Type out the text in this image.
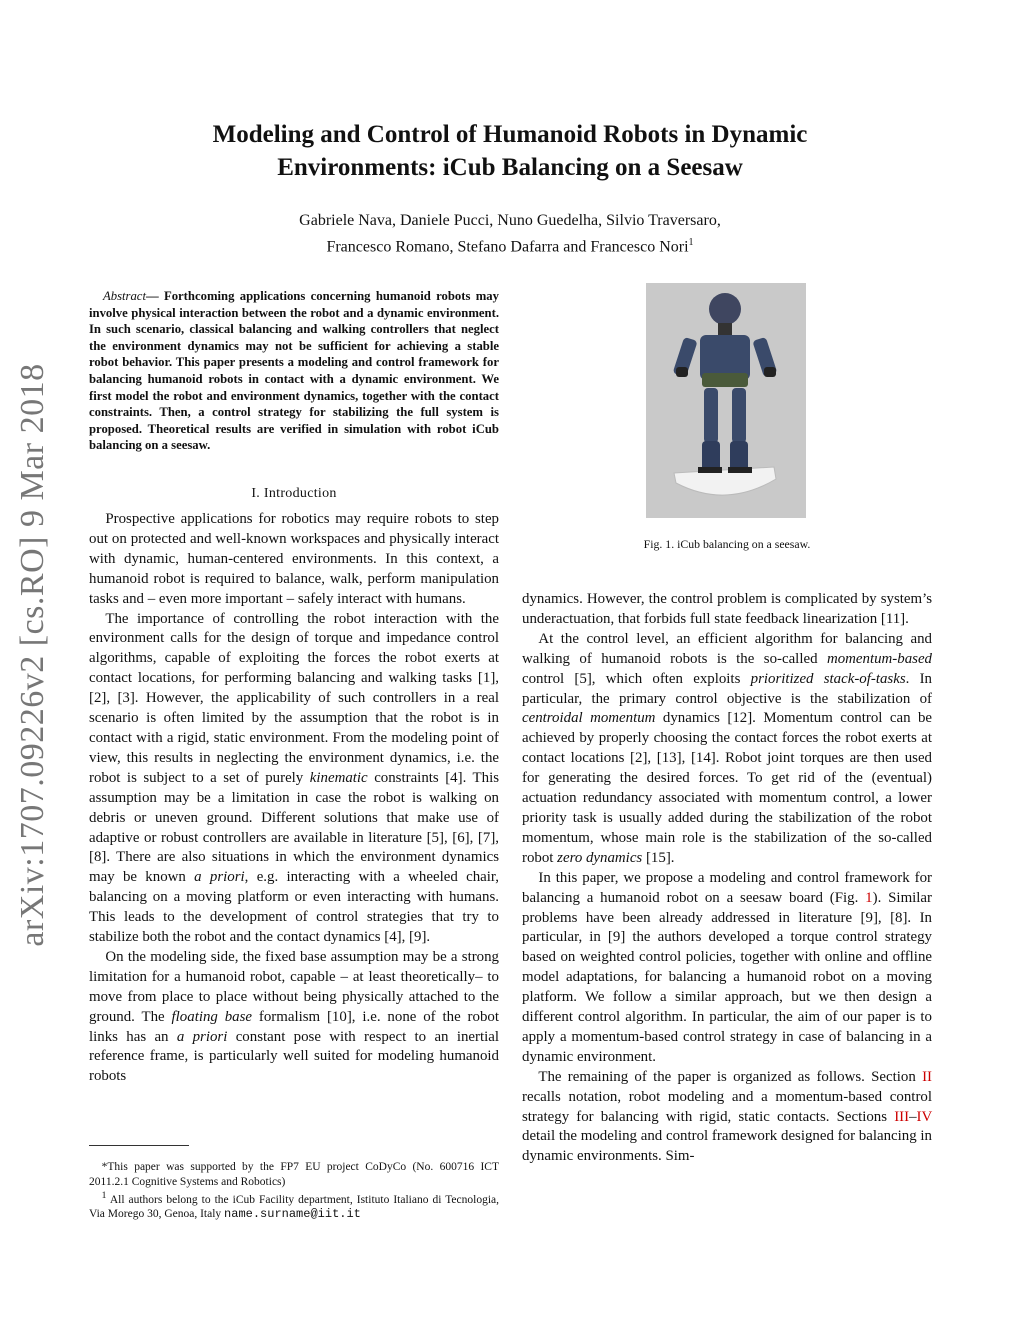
arXiv:1707.09226v2 [cs.RO] 9 Mar 2018
Modeling and Control of Humanoid Robots in Dynamic
Environments: iCub Balancing on a Seesaw
Gabriele Nava, Daniele Pucci, Nuno Guedelha, Silvio Traversaro,
Francesco Romano, Stefano Dafarra and Francesco Nori$^1$

Abstract— Forthcoming applications concerning humanoid robots may involve physical interaction between the robot and a dynamic environment. In such scenario, classical balancing and walking controllers that neglect the environment dynamics may not be sufficient for achieving a stable robot behavior. This paper presents a modeling and control framework for balancing humanoid robots in contact with a dynamic environment. We first model the robot and environment dynamics, together with the contact constraints. Then, a control strategy for stabilizing the full system is proposed. Theoretical results are verified in simulation with robot iCub balancing on a seesaw.

I. Introduction

Prospective applications for robotics may require robots to step out on protected and well-known workspaces and physically interact with dynamic, human-centered environments. In this context, a humanoid robot is required to balance, walk, perform manipulation tasks and – even more important – safely interact with humans.

The importance of controlling the robot interaction with the environment calls for the design of torque and impedance control algorithms, capable of exploiting the forces the robot exerts at contact locations, for performing balancing and walking tasks [1], [2], [3]. However, the applicability of such controllers in a real scenario is often limited by the assumption that the robot is in contact with a rigid, static environment. From the modeling point of view, this results in neglecting the environment dynamics, i.e. the robot is subject to a set of purely kinematic constraints [4]. This assumption may be a limitation in case the robot is walking on debris or uneven ground. Different solutions that make use of adaptive or robust controllers are available in literature [5], [6], [7], [8]. There are also situations in which the environment dynamics may be known a priori, e.g. interacting with a wheeled chair, balancing on a moving platform or even interacting with humans. This leads to the development of control strategies that try to stabilize both the robot and the contact dynamics [4], [9].

On the modeling side, the fixed base assumption may be a strong limitation for a humanoid robot, capable – at least theoretically– to move from place to place without being physically attached to the ground. The floating base formalism [10], i.e. none of the robot links has an a priori constant pose with respect to an inertial reference frame, is particularly well suited for modeling humanoid robots

*This paper was supported by the FP7 EU project CoDyCo (No. 600716 ICT 2011.2.1 Cognitive Systems and Robotics)

$^1$ All authors belong to the iCub Facility department, Istituto Italiano di Tecnologia, Via Morego 30, Genoa, Italy name.surname@iit.it

Fig. 1. iCub balancing on a seesaw.

dynamics. However, the control problem is complicated by system’s underactuation, that forbids full state feedback linearization [11].

At the control level, an efficient algorithm for balancing and walking of humanoid robots is the so-called momentum-based control [5], which often exploits prioritized stack-of-tasks. In particular, the primary control objective is the stabilization of centroidal momentum dynamics [12]. Momentum control can be achieved by properly choosing the contact forces the robot exerts at contact locations [2], [13], [14]. Robot joint torques are then used for generating the desired forces. To get rid of the (eventual) actuation redundancy associated with momentum control, a lower priority task is usually added during the stabilization of the robot momentum, whose main role is the stabilization of the so-called robot zero dynamics [15].

In this paper, we propose a modeling and control framework for balancing a humanoid robot on a seesaw board (Fig. 1). Similar problems have been already addressed in literature [9], [8]. In particular, in [9] the authors developed a torque control strategy based on weighted control policies, together with online and offline model adaptations, for balancing a humanoid robot on a moving platform. We follow a similar approach, but we then design a different control algorithm. In particular, the aim of our paper is to apply a momentum-based control strategy in case of balancing in a dynamic environment.

The remaining of the paper is organized as follows. Section II recalls notation, robot modeling and a momentum-based control strategy for balancing with rigid, static contacts. Sections III–IV detail the modeling and control framework designed for balancing in dynamic environments. Sim-
